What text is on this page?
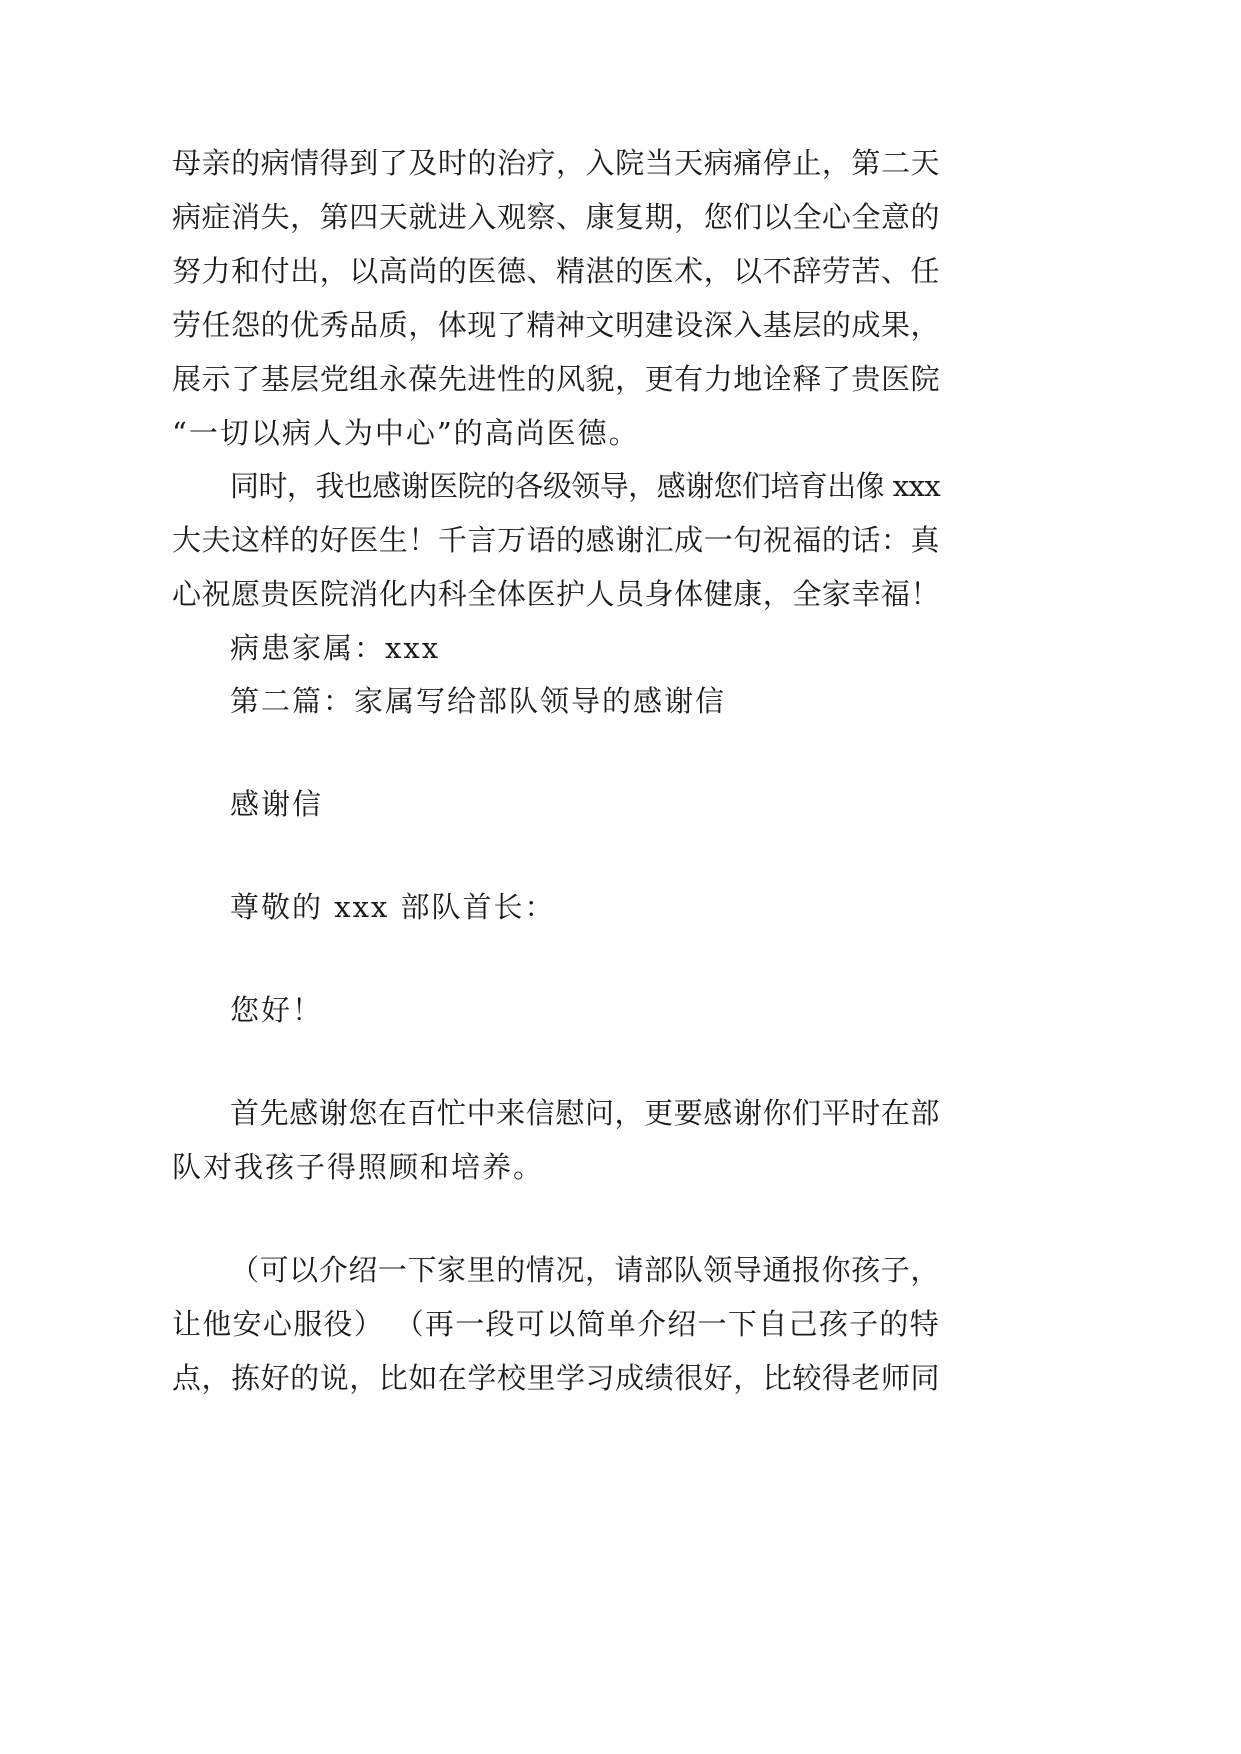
母亲的病情得到了及时的治疗，入院当天病痛停止，第二天
病症消失，第四天就进入观察、康复期，您们以全心全意的
努力和付出，以高尚的医德、精湛的医术，以不辞劳苦、任
劳任怨的优秀品质，体现了精神文明建设深入基层的成果，
展示了基层党组永葆先进性的风貌，更有力地诠释了贵医院
“一切以病人为中心”的高尚医德。
同时，我也感谢医院的各级领导，感谢您们培育出像 xxx
大夫这样的好医生！千言万语的感谢汇成一句祝福的话：真
心祝愿贵医院消化内科全体医护人员身体健康，全家幸福！
病患家属：xxx
第二篇：家属写给部队领导的感谢信
感谢信
尊敬的 xxx 部队首长：
您好！
首先感谢您在百忙中来信慰问，更要感谢你们平时在部
队对我孩子得照顾和培养。
（可以介绍一下家里的情况，请部队领导通报你孩子，
让他安心服役） （再一段可以简单介绍一下自己孩子的特
点，拣好的说，比如在学校里学习成绩很好，比较得老师同
